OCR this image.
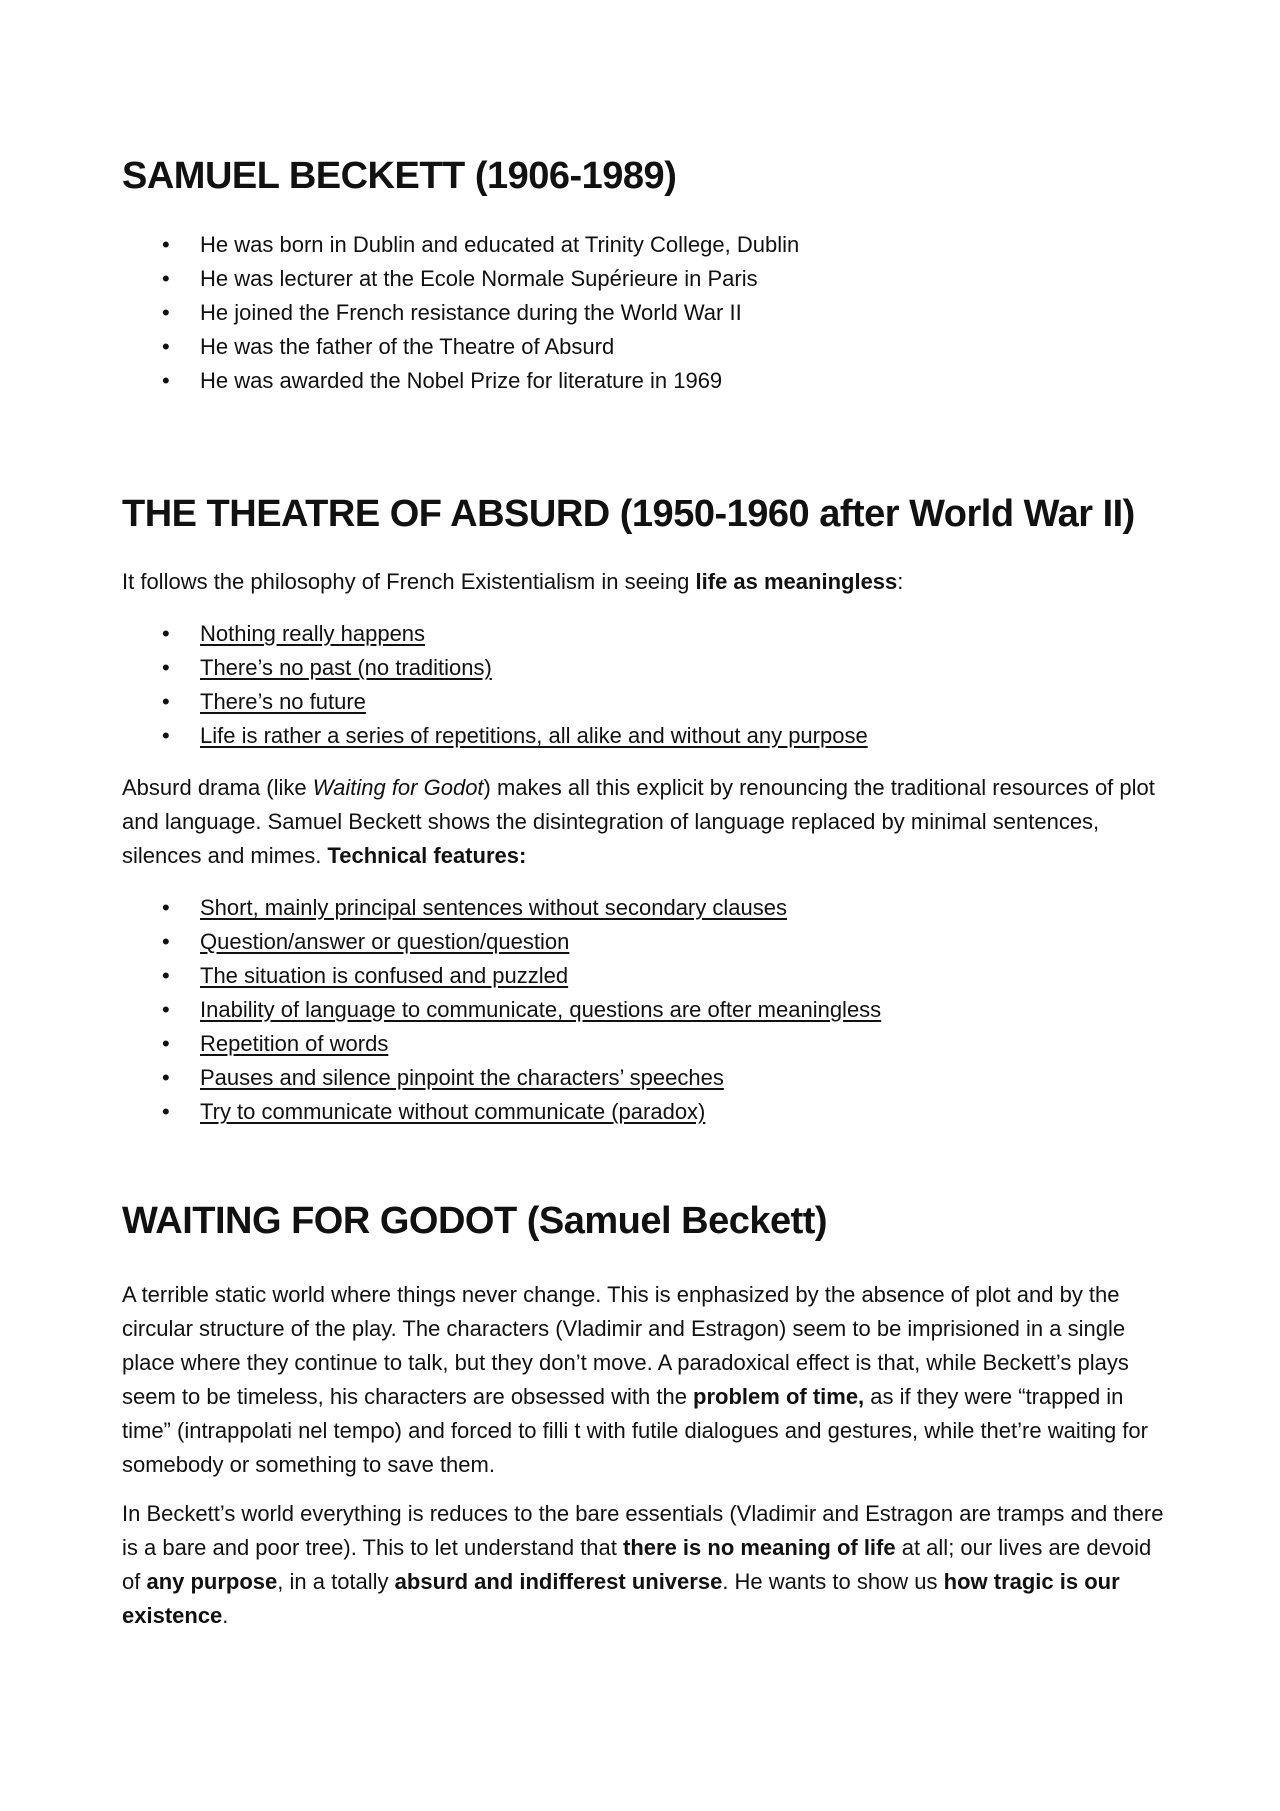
SAMUEL BECKETT (1906-1989)
• He was born in Dublin and educated at Trinity College, Dublin
• He was lecturer at the Ecole Normale Supérieure in Paris
• He joined the French resistance during the World War II
• He was the father of the Theatre of Absurd
• He was awarded the Nobel Prize for literature in 1969
THE THEATRE OF ABSURD (1950-1960 after World War II)

It follows the philosophy of French Existentialism in seeing life as meaningless:

• Nothing really happens
• There’s no past (no traditions)
• There’s no future
• Life is rather a series of repetitions, all alike and without any purpose

Absurd drama (like Waiting for Godot) makes all this explicit by renouncing the traditional resources of plot and language. Samuel Beckett shows the disintegration of language replaced by minimal sentences, silences and mimes. Technical features:

• Short, mainly principal sentences without secondary clauses
• Question/answer or question/question
• The situation is confused and puzzled
• Inability of language to communicate, questions are ofter meaningless
• Repetition of words
• Pauses and silence pinpoint the characters’ speeches
• Try to communicate without communicate (paradox)
WAITING FOR GODOT (Samuel Beckett)

A terrible static world where things never change. This is enphasized by the absence of plot and by the circular structure of the play. The characters (Vladimir and Estragon) seem to be imprisioned in a single place where they continue to talk, but they don’t move. A paradoxical effect is that, while Beckett’s plays seem to be timeless, his characters are obsessed with the problem of time, as if they were “trapped in time” (intrappolati nel tempo) and forced to filli t with futile dialogues and gestures, while thet’re waiting for somebody or something to save them.

In Beckett’s world everything is reduces to the bare essentials (Vladimir and Estragon are tramps and there is a bare and poor tree). This to let understand that there is no meaning of life at all; our lives are devoid of any purpose, in a totally absurd and indifferest universe. He wants to show us how tragic is our existence.
